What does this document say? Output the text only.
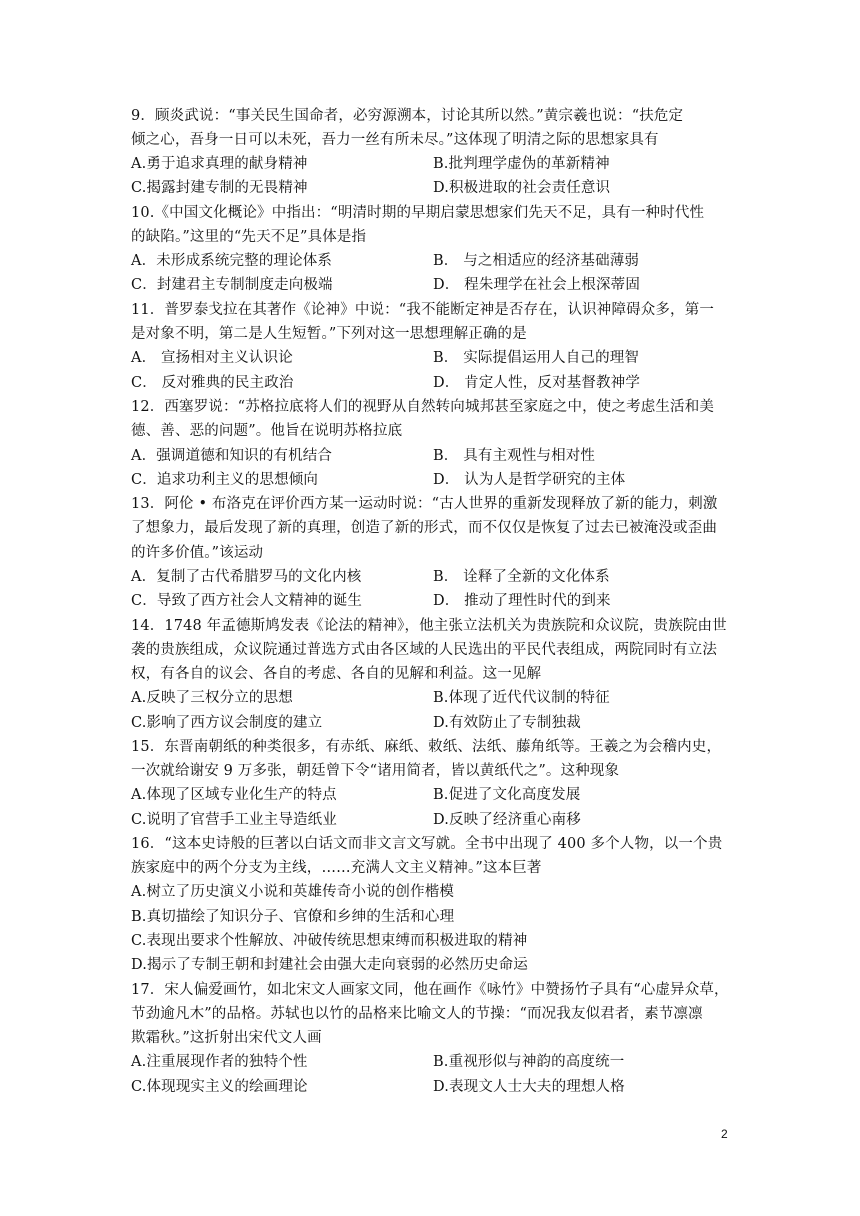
9．顾炎武说：“事关民生国命者，必穷源溯本，讨论其所以然。”黄宗羲也说：“扶危定
倾之心，吾身一日可以未死，吾力一丝有所未尽。”这体现了明清之际的思想家具有
A.勇于追求真理的献身精神	B.批判理学虚伪的革新精神
C.揭露封建专制的无畏精神	D.积极进取的社会责任意识
10.《中国文化概论》中指出：“明清时期的早期启蒙思想家们先天不足，具有一种时代性
的缺陷。”这里的“先天不足”具体是指
A．未形成系统完整的理论体系	B． 与之相适应的经济基础薄弱
C．封建君主专制制度走向极端	D． 程朱理学在社会上根深蒂固
11．普罗泰戈拉在其著作《论神》中说：“我不能断定神是否存在，认识神障碍众多，第一
是对象不明，第二是人生短暂。”下列对这一思想理解正确的是
A． 宣扬相对主义认识论	B． 实际提倡运用人自己的理智
C． 反对雅典的民主政治	D． 肯定人性，反对基督教神学
12．西塞罗说：“苏格拉底将人们的视野从自然转向城邦甚至家庭之中，使之考虑生活和美
德、善、恶的问题”。他旨在说明苏格拉底
A．强调道德和知识的有机结合	B． 具有主观性与相对性
C．追求功利主义的思想倾向	D． 认为人是哲学研究的主体
13．阿伦 • 布洛克在评价西方某一运动时说：“古人世界的重新发现释放了新的能力，刺激
了想象力，最后发现了新的真理，创造了新的形式，而不仅仅是恢复了过去已被淹没或歪曲
的许多价值。”该运动
A．复制了古代希腊罗马的文化内核	B． 诠释了全新的文化体系
C．导致了西方社会人文精神的诞生	D． 推动了理性时代的到来
14．1748 年孟德斯鸠发表《论法的精神》，他主张立法机关为贵族院和众议院，贵族院由世
袭的贵族组成，众议院通过普选方式由各区域的人民选出的平民代表组成，两院同时有立法
权，有各自的议会、各自的考虑、各自的见解和利益。这一见解
A.反映了三权分立的思想	B.体现了近代代议制的特征
C.影响了西方议会制度的建立	D.有效防止了专制独裁
15．东晋南朝纸的种类很多，有赤纸、麻纸、敕纸、法纸、藤角纸等。王羲之为会稽内史，
一次就给谢安 9 万多张，朝廷曾下令“诸用简者，皆以黄纸代之”。这种现象
A.体现了区域专业化生产的特点	B.促进了文化高度发展
C.说明了官营手工业主导造纸业	D.反映了经济重心南移
16．“这本史诗般的巨著以白话文而非文言文写就。全书中出现了 400 多个人物，以一个贵
族家庭中的两个分支为主线，……充满人文主义精神。”这本巨著
A.树立了历史演义小说和英雄传奇小说的创作楷模
B.真切描绘了知识分子、官僚和乡绅的生活和心理
C.表现出要求个性解放、冲破传统思想束缚而积极进取的精神
D.揭示了专制王朝和封建社会由强大走向衰弱的必然历史命运
17．宋人偏爱画竹，如北宋文人画家文同，他在画作《咏竹》中赞扬竹子具有“心虚异众草，
节劲逾凡木”的品格。苏轼也以竹的品格来比喻文人的节操：“而况我友似君者，素节凛凛
欺霜秋。”这折射出宋代文人画
A.注重展现作者的独特个性	B.重视形似与神韵的高度统一
C.体现现实主义的绘画理论	D.表现文人士大夫的理想人格
2
